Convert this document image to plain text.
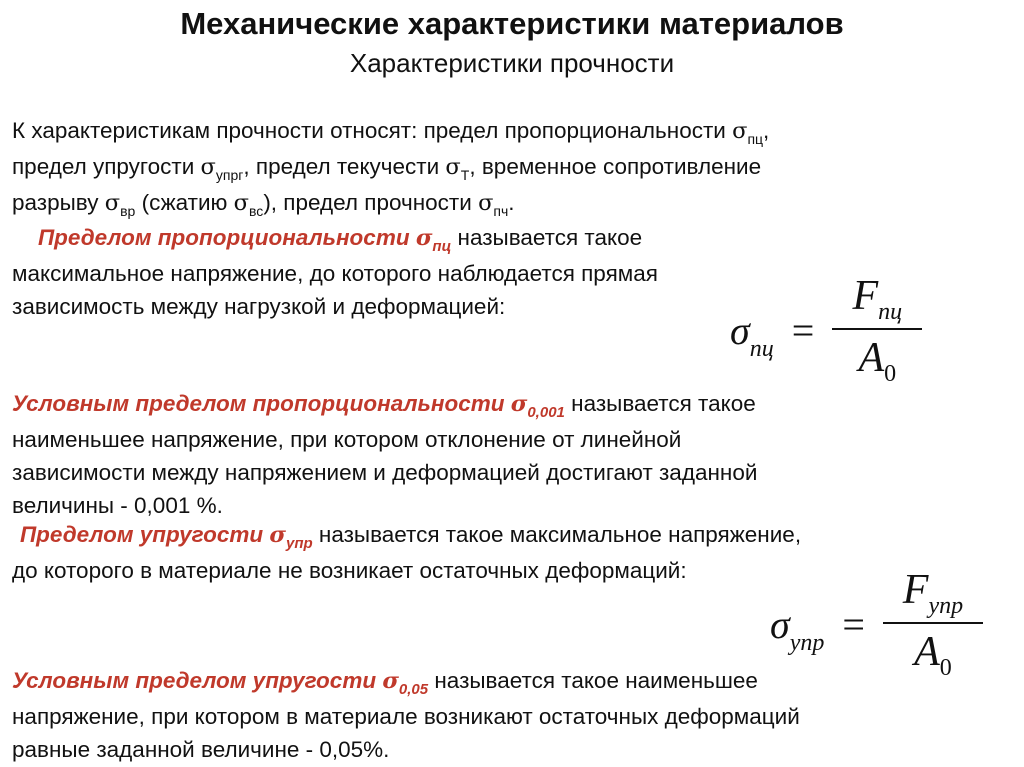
Механические характеристики материалов
Характеристики прочности
К характеристикам прочности относят: предел пропорциональности $\sigma_{пц}$,
предел упругости $\sigma_{упрг}$, предел текучести $\sigma_Т$, временное сопротивление
разрыву $\sigma_{вр}$ (сжатию $\sigma_{вс}$), предел прочности $\sigma_{пч}$.
Пределом пропорциональности $\sigma_{пц}$ называется такое
максимальное напряжение, до которого наблюдается прямая
зависимость между нагрузкой и деформацией:
$\sigma_{пц} = \frac{F_{пц}}{A_0}$
Условным пределом пропорциональности $\sigma_{0,001}$ называется такое
наименьшее напряжение, при котором отклонение от линейной
зависимости между напряжением и деформацией достигают заданной
величины - 0,001 %.
Пределом упругости $\sigma_{упр}$ называется такое максимальное напряжение,
до которого в материале не возникает остаточных деформаций:
$\sigma_{упр} = \frac{F_{упр}}{A_0}$
Условным пределом упругости $\sigma_{0,05}$ называется такое наименьшее
напряжение, при котором в материале возникают остаточных деформаций
равные заданной величине - 0,05%.
